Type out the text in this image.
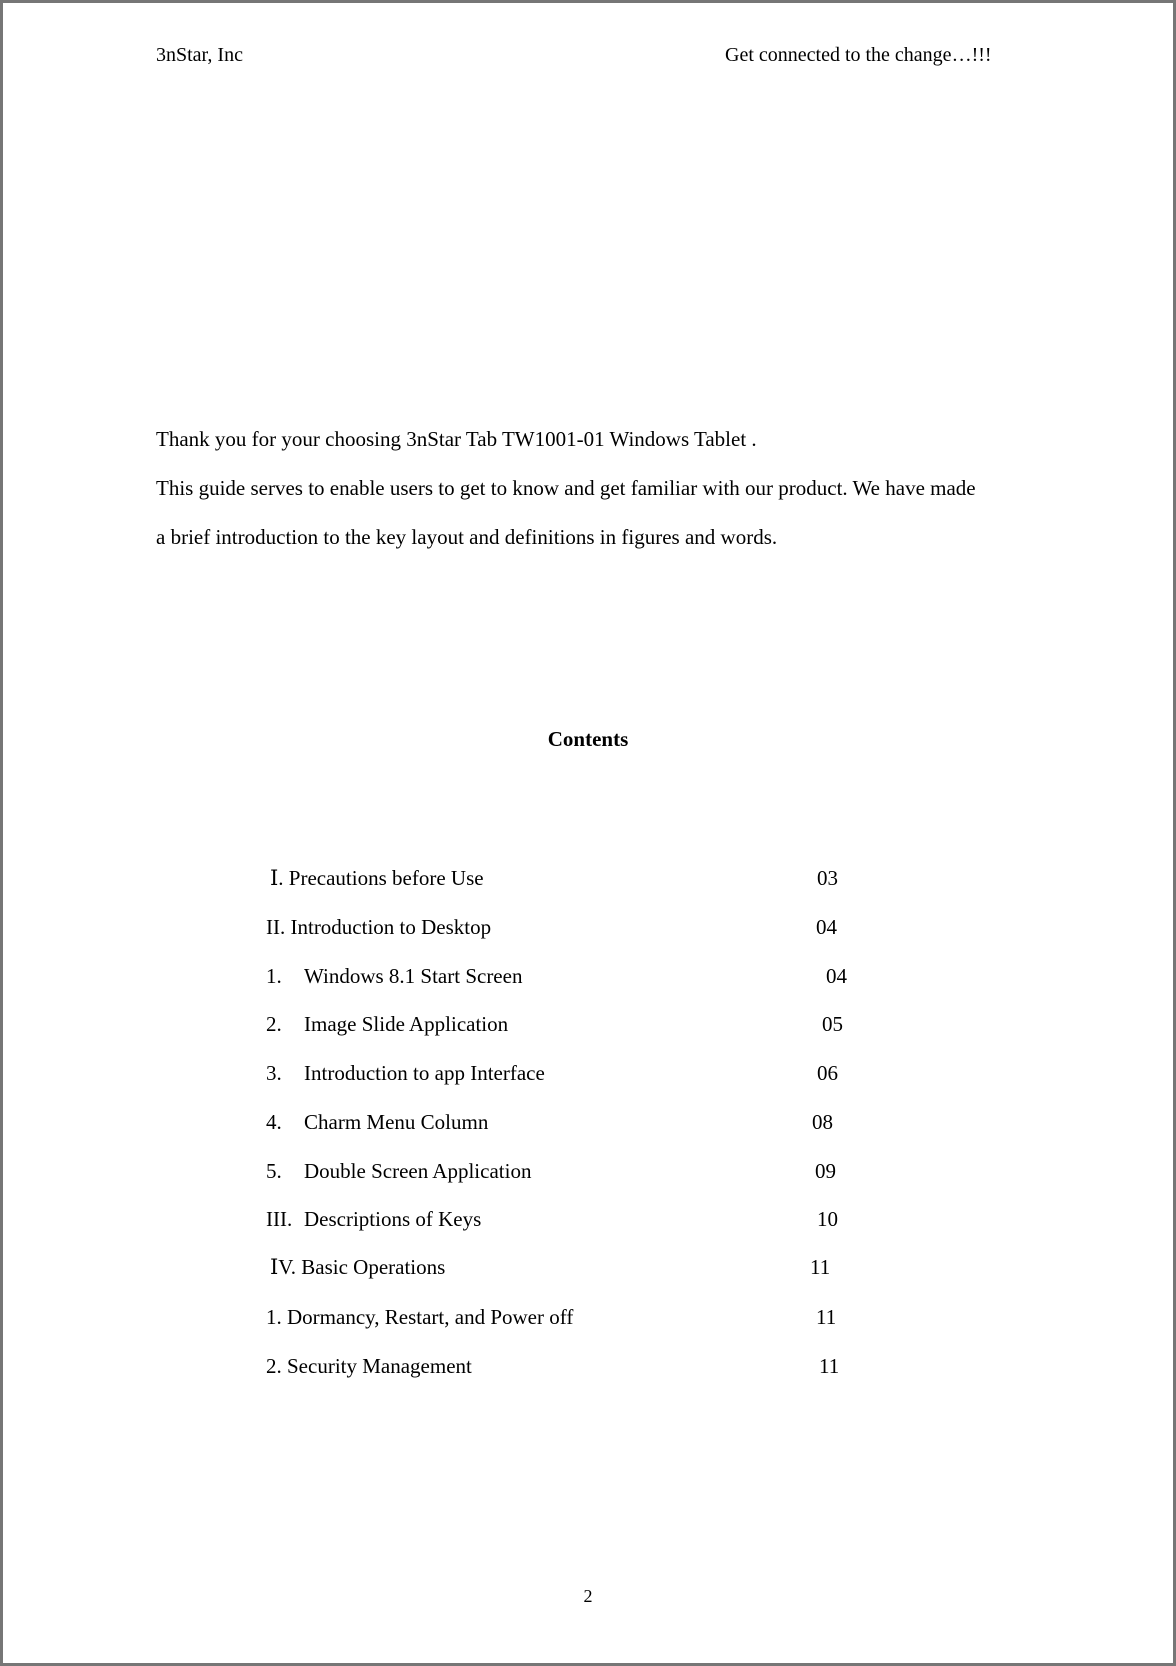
3nStar, Inc	Get connected to the change…!!!
Thank you for your choosing 3nStar Tab TW1001-01 Windows Tablet .
This guide serves to enable users to get to know and get familiar with our product. We have made
a brief introduction to the key layout and definitions in figures and words.
Contents
Ⅰ. Precautions before Use	03
II. Introduction to Desktop	04
1. Windows 8.1 Start Screen	04
2. Image Slide Application	05
3. Introduction to app Interface	06
4. Charm Menu Column	08
5. Double Screen Application	09
III. Descriptions of Keys	10
ⅠV. Basic Operations	11
1. Dormancy, Restart, and Power off	11
2. Security Management	11
2
